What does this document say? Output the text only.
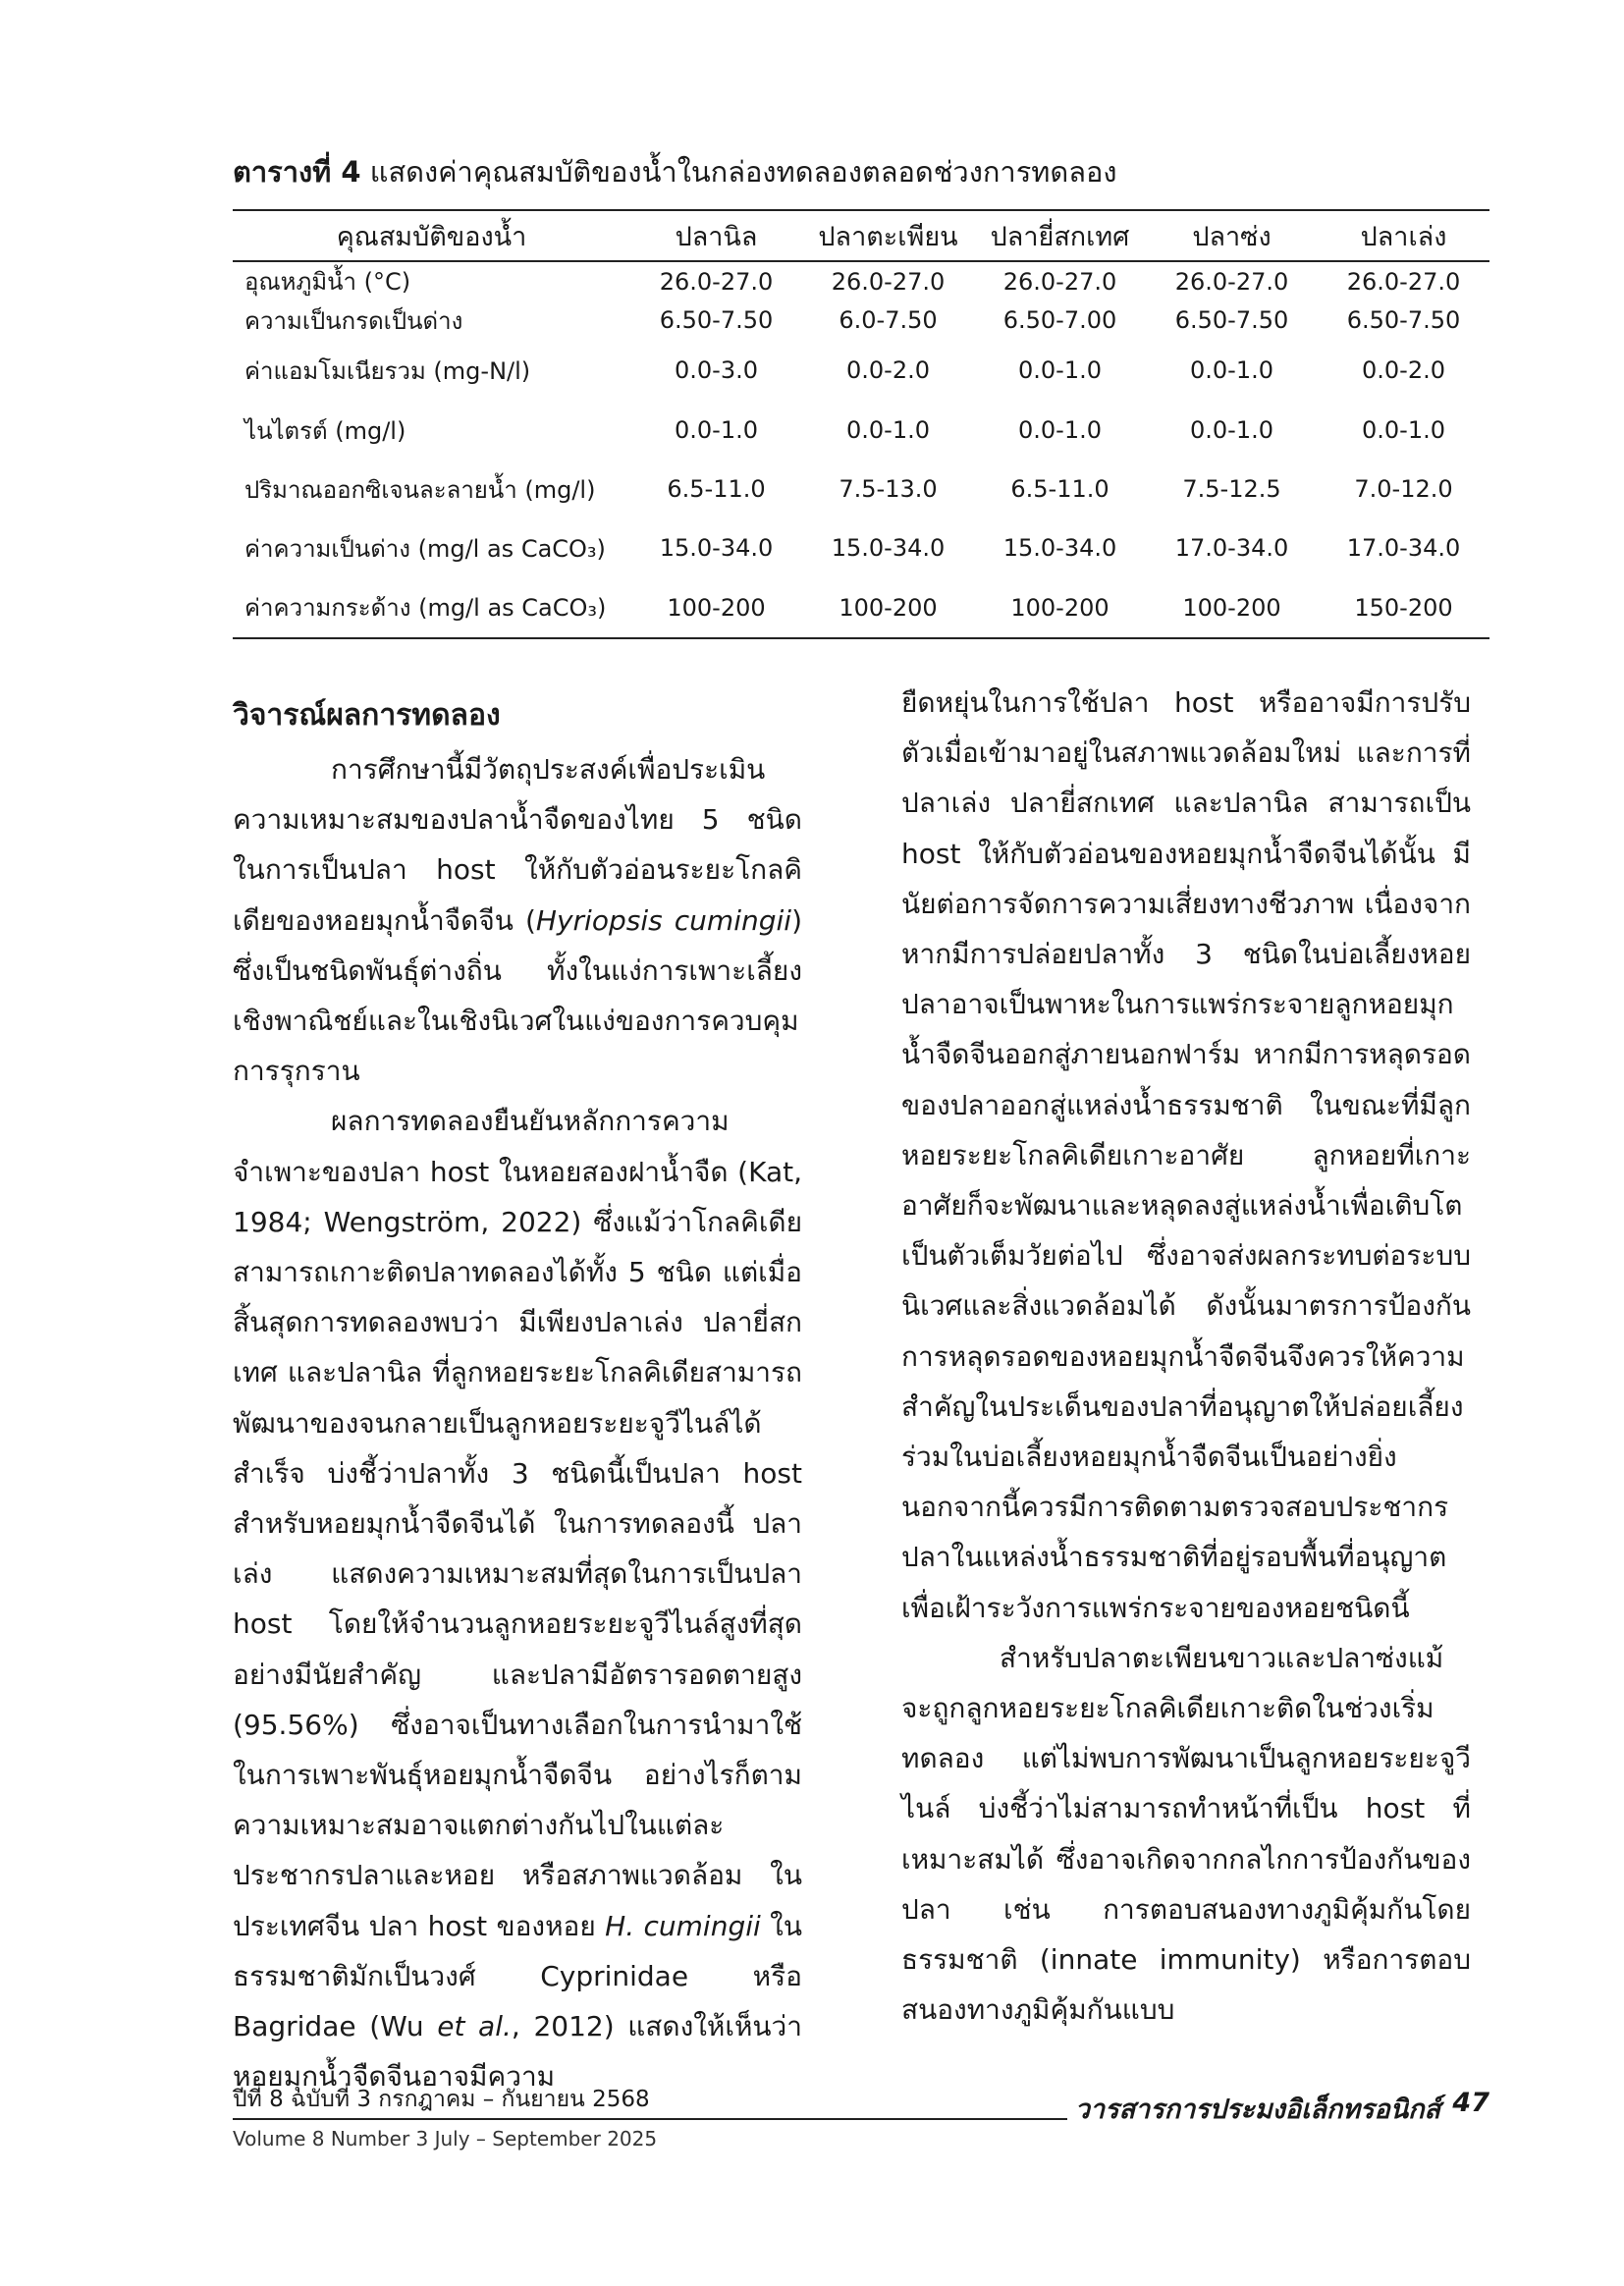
ตารางที่ 4 แสดงค่าคุณสมบัติของน้ำในกล่องทดลองตลอดช่วงการทดลอง
คุณสมบัติของน้ำ	ปลานิล	ปลาตะเพียน	ปลายี่สกเทศ	ปลาซ่ง	ปลาเล่ง
อุณหภูมิน้ำ (°C)	26.0-27.0	26.0-27.0	26.0-27.0	26.0-27.0	26.0-27.0
ความเป็นกรดเป็นด่าง	6.50-7.50	6.0-7.50	6.50-7.00	6.50-7.50	6.50-7.50
ค่าแอมโมเนียรวม (mg-N/l)	0.0-3.0	0.0-2.0	0.0-1.0	0.0-1.0	0.0-2.0
ไนไตรต์ (mg/l)	0.0-1.0	0.0-1.0	0.0-1.0	0.0-1.0	0.0-1.0
ปริมาณออกซิเจนละลายน้ำ (mg/l)	6.5-11.0	7.5-13.0	6.5-11.0	7.5-12.5	7.0-12.0
ค่าความเป็นด่าง (mg/l as CaCO₃)	15.0-34.0	15.0-34.0	15.0-34.0	17.0-34.0	17.0-34.0
ค่าความกระด้าง (mg/l as CaCO₃)	100-200	100-200	100-200	100-200	150-200

วิจารณ์ผลการทดลอง

การศึกษานี้มีวัตถุประสงค์เพื่อประเมินความเหมาะสมของปลาน้ำจืดของไทย 5 ชนิด ในการเป็นปลา host ให้กับตัวอ่อนระยะโกลคิเดียของหอยมุกน้ำจืดจีน (Hyriopsis cumingii) ซึ่งเป็นชนิดพันธุ์ต่างถิ่น ทั้งในแง่การเพาะเลี้ยงเชิงพาณิชย์และในเชิงนิเวศในแง่ของการควบคุมการรุกราน

ผลการทดลองยืนยันหลักการความจำเพาะของปลา host ในหอยสองฝาน้ำจืด (Kat, 1984; Wengström, 2022) ซึ่งแม้ว่าโกลคิเดียสามารถเกาะติดปลาทดลองได้ทั้ง 5 ชนิด แต่เมื่อสิ้นสุดการทดลองพบว่า มีเพียงปลาเล่ง ปลายี่สกเทศ และปลานิล ที่ลูกหอยระยะโกลคิเดียสามารถพัฒนาของจนกลายเป็นลูกหอยระยะจูวีไนล์ได้สำเร็จ บ่งชี้ว่าปลาทั้ง 3 ชนิดนี้เป็นปลา host สำหรับหอยมุกน้ำจืดจีนได้ ในการทดลองนี้ ปลาเล่ง แสดงความเหมาะสมที่สุดในการเป็นปลา host โดยให้จำนวนลูกหอยระยะจูวีไนล์สูงที่สุดอย่างมีนัยสำคัญ และปลามีอัตรารอดตายสูง (95.56%) ซึ่งอาจเป็นทางเลือกในการนำมาใช้ในการเพาะพันธุ์หอยมุกน้ำจืดจีน อย่างไรก็ตามความเหมาะสมอาจแตกต่างกันไปในแต่ละประชากรปลาและหอย หรือสภาพแวดล้อม ในประเทศจีน ปลา host ของหอย H. cumingii ในธรรมชาติมักเป็นวงศ์ Cyprinidae หรือ Bagridae (Wu et al., 2012) แสดงให้เห็นว่าหอยมุกน้ำจืดจีนอาจมีความ

ยืดหยุ่นในการใช้ปลา host หรืออาจมีการปรับตัวเมื่อเข้ามาอยู่ในสภาพแวดล้อมใหม่ และการที่ปลาเล่ง ปลายี่สกเทศ และปลานิล สามารถเป็น host ให้กับตัวอ่อนของหอยมุกน้ำจืดจีนได้นั้น มีนัยต่อการจัดการความเสี่ยงทางชีวภาพ เนื่องจากหากมีการปล่อยปลาทั้ง 3 ชนิดในบ่อเลี้ยงหอย ปลาอาจเป็นพาหะในการแพร่กระจายลูกหอยมุกน้ำจืดจีนออกสู่ภายนอกฟาร์ม หากมีการหลุดรอดของปลาออกสู่แหล่งน้ำธรรมชาติ ในขณะที่มีลูกหอยระยะโกลคิเดียเกาะอาศัย ลูกหอยที่เกาะอาศัยก็จะพัฒนาและหลุดลงสู่แหล่งน้ำเพื่อเติบโตเป็นตัวเต็มวัยต่อไป ซึ่งอาจส่งผลกระทบต่อระบบนิเวศและสิ่งแวดล้อมได้ ดังนั้นมาตรการป้องกันการหลุดรอดของหอยมุกน้ำจืดจีนจึงควรให้ความสำคัญในประเด็นของปลาที่อนุญาตให้ปล่อยเลี้ยงร่วมในบ่อเลี้ยงหอยมุกน้ำจืดจีนเป็นอย่างยิ่ง นอกจากนี้ควรมีการติดตามตรวจสอบประชากรปลาในแหล่งน้ำธรรมชาติที่อยู่รอบพื้นที่อนุญาต เพื่อเฝ้าระวังการแพร่กระจายของหอยชนิดนี้

สำหรับปลาตะเพียนขาวและปลาซ่งแม้จะถูกลูกหอยระยะโกลคิเดียเกาะติดในช่วงเริ่มทดลอง แต่ไม่พบการพัฒนาเป็นลูกหอยระยะจูวีไนล์ บ่งชี้ว่าไม่สามารถทำหน้าที่เป็น host ที่เหมาะสมได้ ซึ่งอาจเกิดจากกลไกการป้องกันของปลา เช่น การตอบสนองทางภูมิคุ้มกันโดยธรรมชาติ (innate immunity) หรือการตอบสนองทางภูมิคุ้มกันแบบ

ปีที่ 8 ฉบับที่ 3 กรกฎาคม – กันยายน 2568
Volume 8 Number 3 July – September 2025
วารสารการประมงอิเล็กทรอนิกส์ 47
